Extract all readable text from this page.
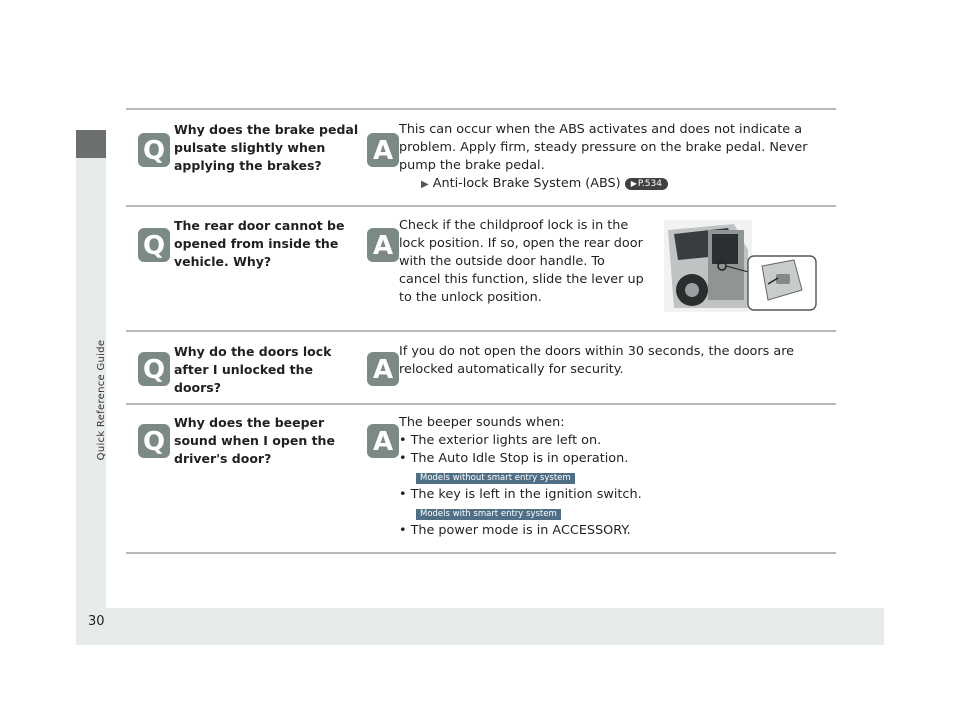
Quick Reference Guide
30
Q
Why does the brake pedal pulsate slightly when applying the brakes?	A
This can occur when the ABS activates and does not indicate a problem. Apply firm, steady pressure on the brake pedal. Never pump the brake pedal.
▶ Anti-lock Brake System (ABS) ▶P.534
Q
The rear door cannot be opened from inside the vehicle. Why?
A
Check if the childproof lock is in the lock position. If so, open the rear door with the outside door handle. To cancel this function, slide the lever up to the unlock position.
Q
Why do the doors lock after I unlocked the doors?
A
If you do not open the doors within 30 seconds, the doors are relocked automatically for security.
Q
Why does the beeper sound when I open the driver's door?
A
The beeper sounds when:
• The exterior lights are left on.
• The Auto Idle Stop is in operation.
Models without smart entry system
• The key is left in the ignition switch.
Models with smart entry system
• The power mode is in ACCESSORY.
